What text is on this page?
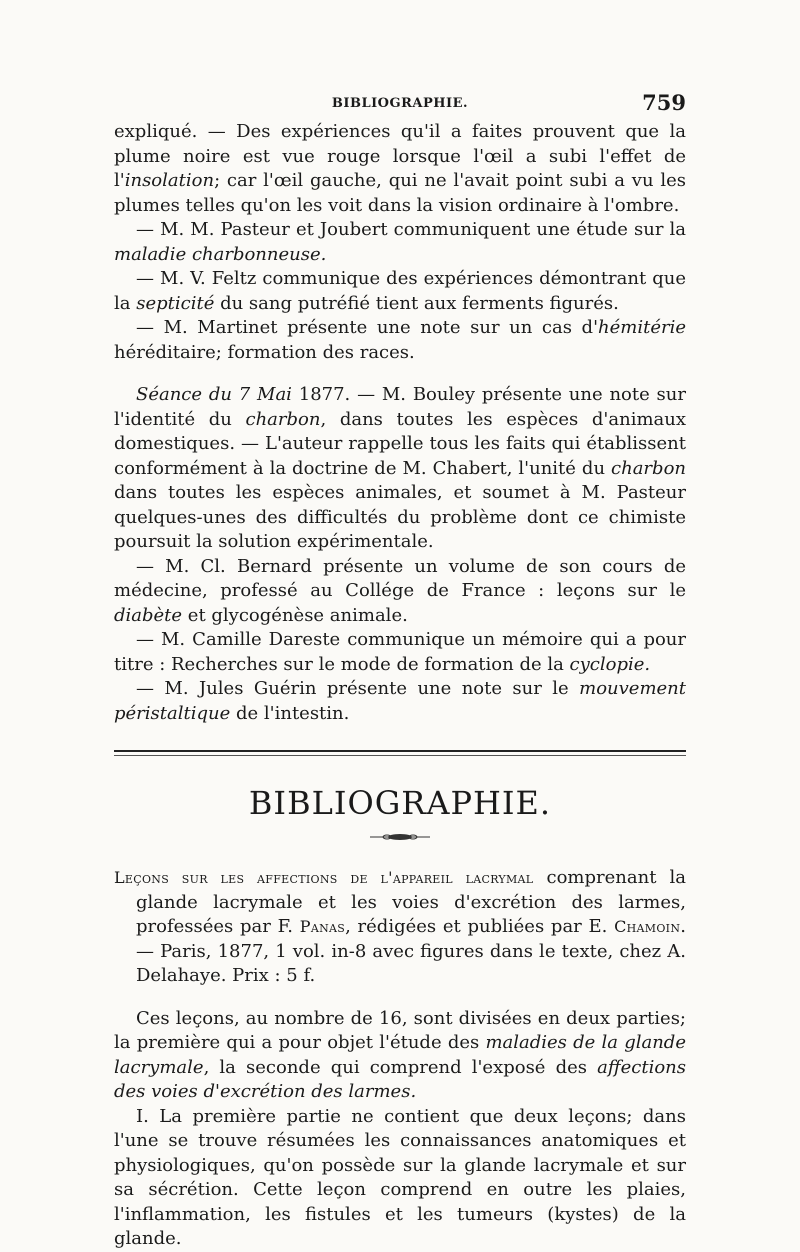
BIBLIOGRAPHIE.	759

expliqué. — Des expériences qu'il a faites prouvent que la plume noire est vue rouge lorsque l'œil a subi l'effet de l'insolation; car l'œil gauche, qui ne l'avait point subi a vu les plumes telles qu'on les voit dans la vision ordinaire à l'ombre.

— M. M. Pasteur et Joubert communiquent une étude sur la maladie charbonneuse.

— M. V. Feltz communique des expériences démontrant que la septicité du sang putréfié tient aux ferments figurés.

— M. Martinet présente une note sur un cas d'hémitérie héréditaire; formation des races.

Séance du 7 Mai 1877. — M. Bouley présente une note sur l'identité du charbon, dans toutes les espèces d'animaux domestiques. — L'auteur rappelle tous les faits qui établissent conformément à la doctrine de M. Chabert, l'unité du charbon dans toutes les espèces animales, et soumet à M. Pasteur quelques-unes des difficultés du problème dont ce chimiste poursuit la solution expérimentale.

— M. Cl. Bernard présente un volume de son cours de médecine, professé au Collége de France : leçons sur le diabète et glycogénèse animale.

— M. Camille Dareste communique un mémoire qui a pour titre : Recherches sur le mode de formation de la cyclopie.

— M. Jules Guérin présente une note sur le mouvement péristaltique de l'intestin.

BIBLIOGRAPHIE.
Leçons sur les affections de l'appareil lacrymal comprenant la glande lacrymale et les voies d'excrétion des larmes, professées par F. Panas, rédigées et publiées par E. Chamoin. — Paris, 1877, 1 vol. in-8 avec figures dans le texte, chez A. Delahaye. Prix : 5 f.

Ces leçons, au nombre de 16, sont divisées en deux parties; la première qui a pour objet l'étude des maladies de la glande lacrymale, la seconde qui comprend l'exposé des affections des voies d'excrétion des larmes.

I. La première partie ne contient que deux leçons; dans l'une se trouve résumées les connaissances anatomiques et physiologiques, qu'on possède sur la glande lacrymale et sur sa sécrétion. Cette leçon comprend en outre les plaies, l'inflammation, les fistules et les tumeurs (kystes) de la glande.
